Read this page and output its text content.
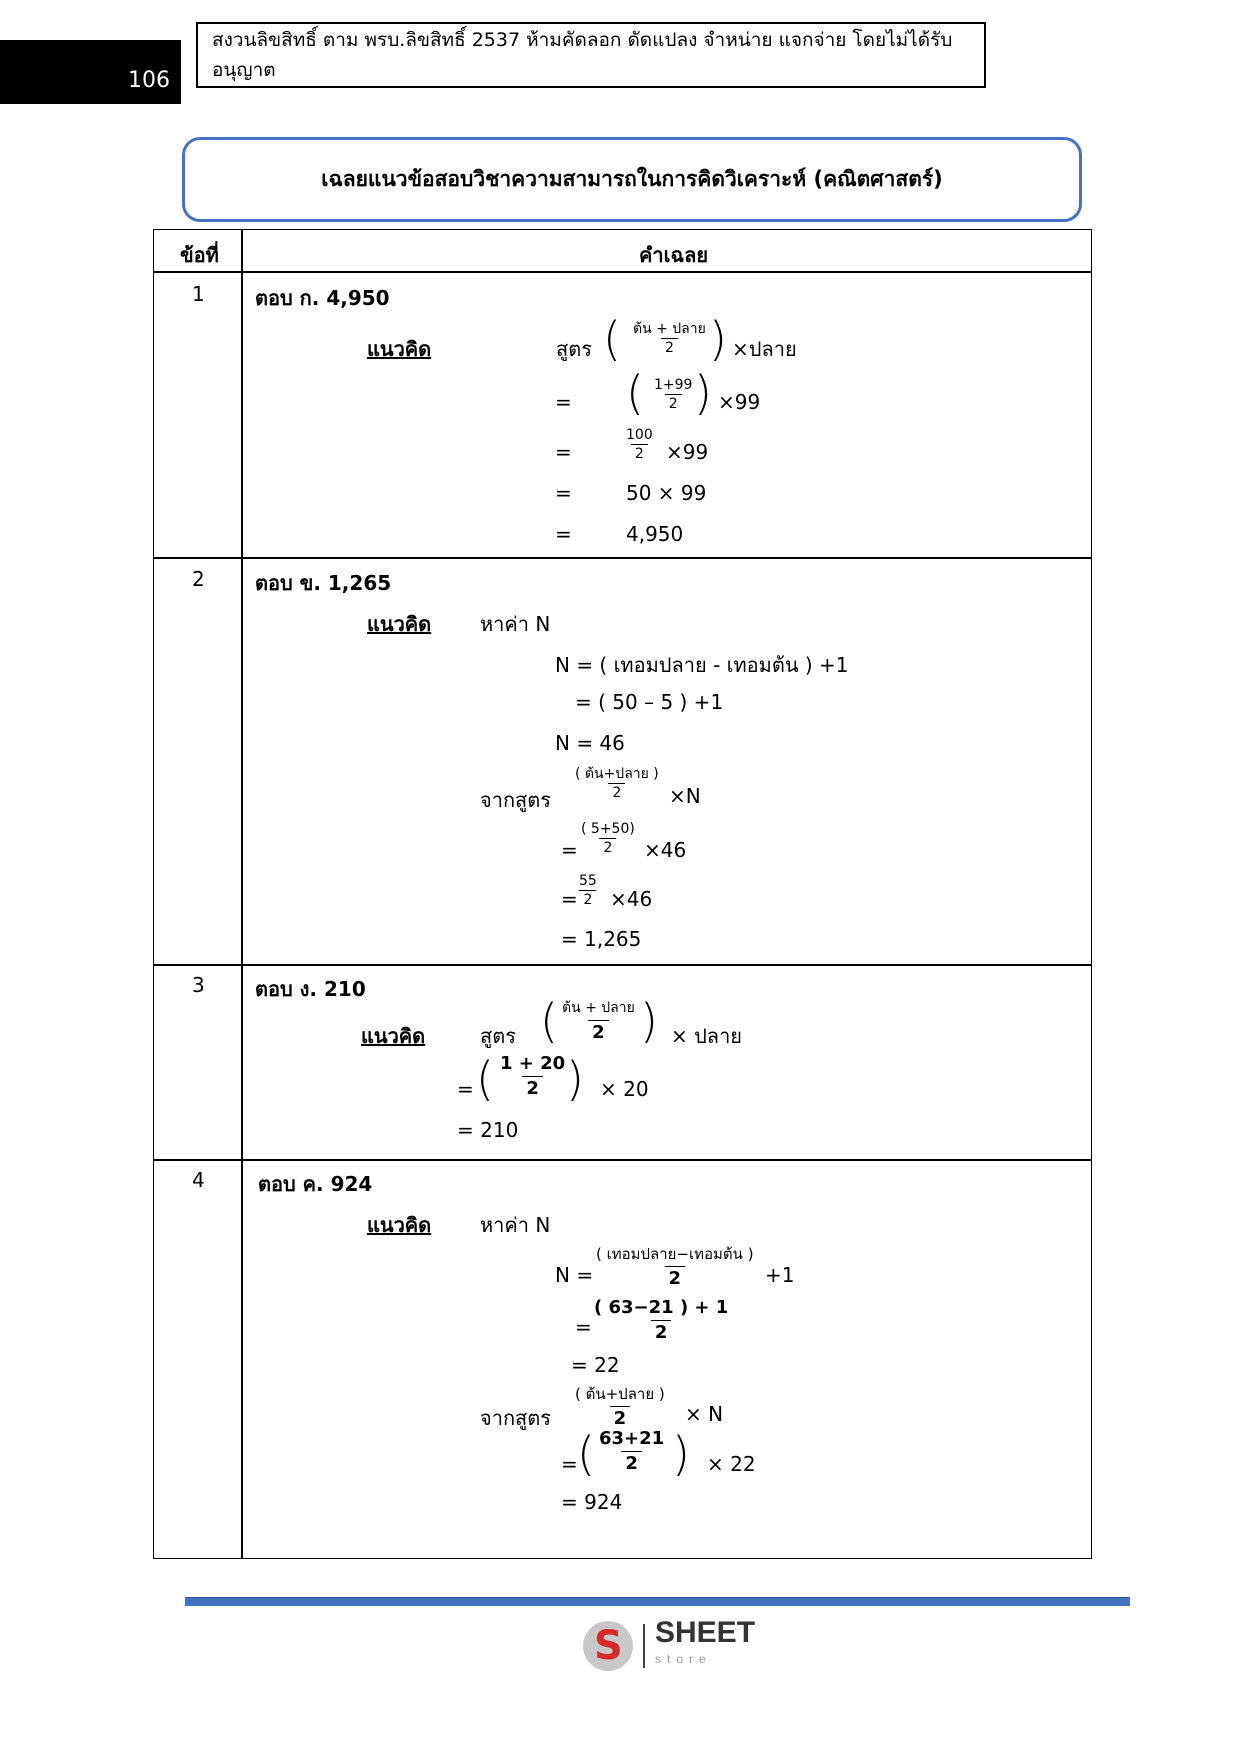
106
สงวนลิขสิทธิ์ ตาม พรบ.ลิขสิทธิ์ 2537 ห้ามคัดลอก ดัดแปลง จำหน่าย แจกจ่าย โดยไม่ได้รับอนุญาต
เฉลยแนวข้อสอบวิชาความสามารถในการคิดวิเคราะห์ (คณิตศาสตร์)
ข้อที่	คำเฉลย
1	ตอบ ก. 4,950
แนวคิด	สูตร ( ต้น + ปลาย
2 ) ×ปลาย
= ( $\frac{1+99}{2}$
) ×99
=	$\frac{100}{2} \times 99$
=	50 × 99
=	4,950
2	ตอบ ข. 1,265
แนวคิด หาค่า N
N = ( เทอมปลาย - เทอมต้น ) +1
= ( 50 – 5 ) +1
N = 46
จากสูตร
( ต้น+ปลาย )
2 ×N
= $\frac{( 5+50)}{2} \times 46$
=
$\frac{55}{2} \times 46$
= 1,265
3	ตอบ ง. 210
แนวคิด	สูตร ( ต้น + ปลาย
2 ) × ปลาย
= ( $\frac{1 + 20}{2}$
) × 20
= 210
4	ตอบ ค. 924
แนวคิด หาค่า N
N =
( เทอมปลาย−เทอมต้น )
2	+1
=
$\frac{( 63-21 ) + 1}{2}$
= 22
จากสูตร
( ต้น+ปลาย )
2	× N
= ( $\frac{63+21}{2}$ ) × 22
= 924
S
SHEET
store
